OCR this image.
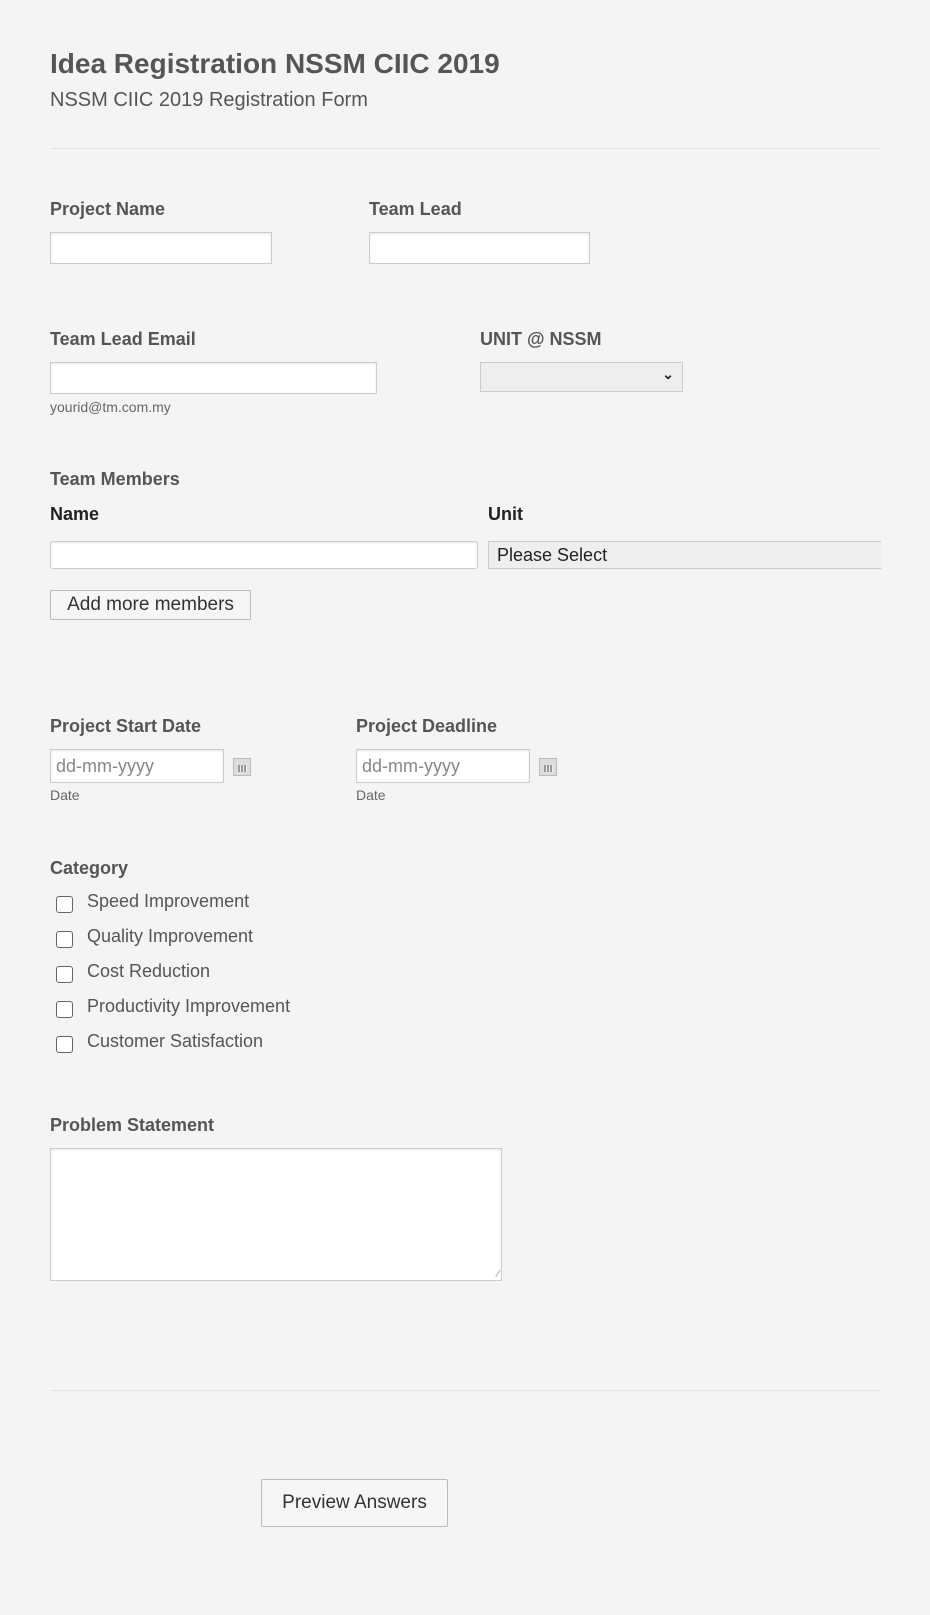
Idea Registration NSSM CIIC 2019
NSSM CIIC 2019 Registration Form
Project Name	Team Lead
Team Lead Email
yourid@tm.com.my
UNIT @ NSSM
⌄
Team Members
Name	Unit
Please Select
Add more members
Project Start Date
dd-mm-yyyy
Date
Project Deadline
dd-mm-yyyy
Date
Category
Speed Improvement
Quality Improvement
Cost Reduction
Productivity Improvement
Customer Satisfaction
Problem Statement
∕
Preview Answers
